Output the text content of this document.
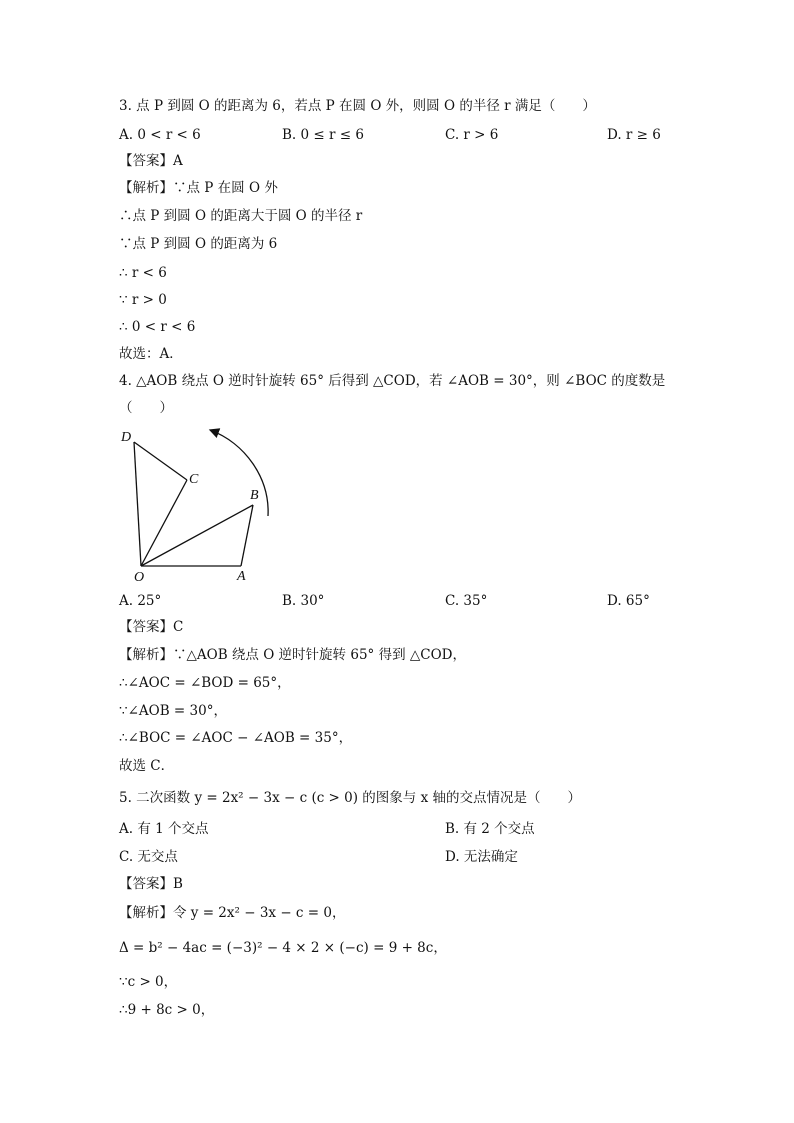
3. 点 P 到圆 O 的距离为 6，若点 P 在圆 O 外，则圆 O 的半径 r 满足（　　）
A. 0 < r < 6	B. 0 ≤ r ≤ 6	C. r > 6	D. r ≥ 6
【答案】A
【解析】∵点 P 在圆 O 外
∴点 P 到圆 O 的距离大于圆 O 的半径 r
∵点 P 到圆 O 的距离为 6
∴ r < 6
∵ r > 0
∴ 0 < r < 6
故选：A．
4. △AOB 绕点 O 逆时针旋转 65° 后得到 △COD，若 ∠AOB = 30°，则 ∠BOC 的度数是
（　　）
D
C
B
O	A
A. 25°	B. 30°	C. 35°	D. 65°
【答案】C
【解析】∵△AOB 绕点 O 逆时针旋转 65° 得到 △COD，
∴∠AOC = ∠BOD = 65°，
∵∠AOB = 30°，
∴∠BOC = ∠AOC − ∠AOB = 35°，
故选 C．
5. 二次函数 y = 2x² − 3x − c (c > 0) 的图象与 x 轴的交点情况是（　　）
A. 有 1 个交点	B. 有 2 个交点
C. 无交点	D. 无法确定
【答案】B
【解析】令 y = 2x² − 3x − c = 0，
Δ = b² − 4ac = (−3)² − 4 × 2 × (−c) = 9 + 8c，
∵c > 0，
∴9 + 8c > 0，
